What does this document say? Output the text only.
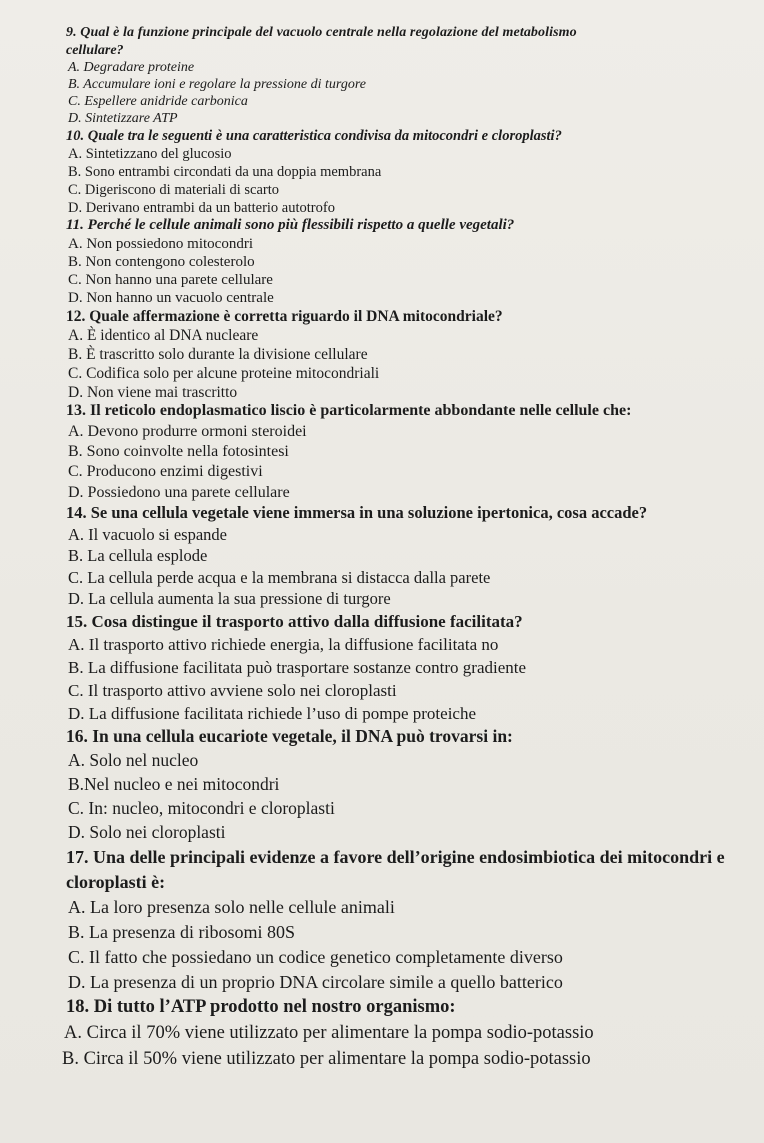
9. Qual è la funzione principale del vacuolo centrale nella regolazione del metabolismo
cellulare?
A. Degradare proteine
B. Accumulare ioni e regolare la pressione di turgore
C. Espellere anidride carbonica
D. Sintetizzare ATP
10. Quale tra le seguenti è una caratteristica condivisa da mitocondri e cloroplasti?
A. Sintetizzano del glucosio
B. Sono entrambi circondati da una doppia membrana
C. Digeriscono di materiali di scarto
D. Derivano entrambi da un batterio autotrofo
11. Perché le cellule animali sono più flessibili rispetto a quelle vegetali?
A. Non possiedono mitocondri
B. Non contengono colesterolo
C. Non hanno una parete cellulare
D. Non hanno un vacuolo centrale
12. Quale affermazione è corretta riguardo il DNA mitocondriale?
A. È identico al DNA nucleare
B. È trascritto solo durante la divisione cellulare
C. Codifica solo per alcune proteine mitocondriali
D. Non viene mai trascritto
13. Il reticolo endoplasmatico liscio è particolarmente abbondante nelle cellule che:
A. Devono produrre ormoni steroidei
B. Sono coinvolte nella fotosintesi
C. Producono enzimi digestivi
D. Possiedono una parete cellulare
14. Se una cellula vegetale viene immersa in una soluzione ipertonica, cosa accade?
A. Il vacuolo si espande
B. La cellula esplode
C. La cellula perde acqua e la membrana si distacca dalla parete
D. La cellula aumenta la sua pressione di turgore
15. Cosa distingue il trasporto attivo dalla diffusione facilitata?
A. Il trasporto attivo richiede energia, la diffusione facilitata no
B. La diffusione facilitata può trasportare sostanze contro gradiente
C. Il trasporto attivo avviene solo nei cloroplasti
D. La diffusione facilitata richiede l’uso di pompe proteiche
16. In una cellula eucariote vegetale, il DNA può trovarsi in:
A. Solo nel nucleo
B.Nel nucleo e nei mitocondri
C. In: nucleo, mitocondri e cloroplasti
D. Solo nei cloroplasti
17. Una delle principali evidenze a favore dell’origine endosimbiotica dei mitocondri e
cloroplasti è:
A. La loro presenza solo nelle cellule animali
B. La presenza di ribosomi 80S
C. Il fatto che possiedano un codice genetico completamente diverso
D. La presenza di un proprio DNA circolare simile a quello batterico
18. Di tutto l’ATP prodotto nel nostro organismo:
A. Circa il 70% viene utilizzato per alimentare la pompa sodio-potassio
B. Circa il 50% viene utilizzato per alimentare la pompa sodio-potassio
